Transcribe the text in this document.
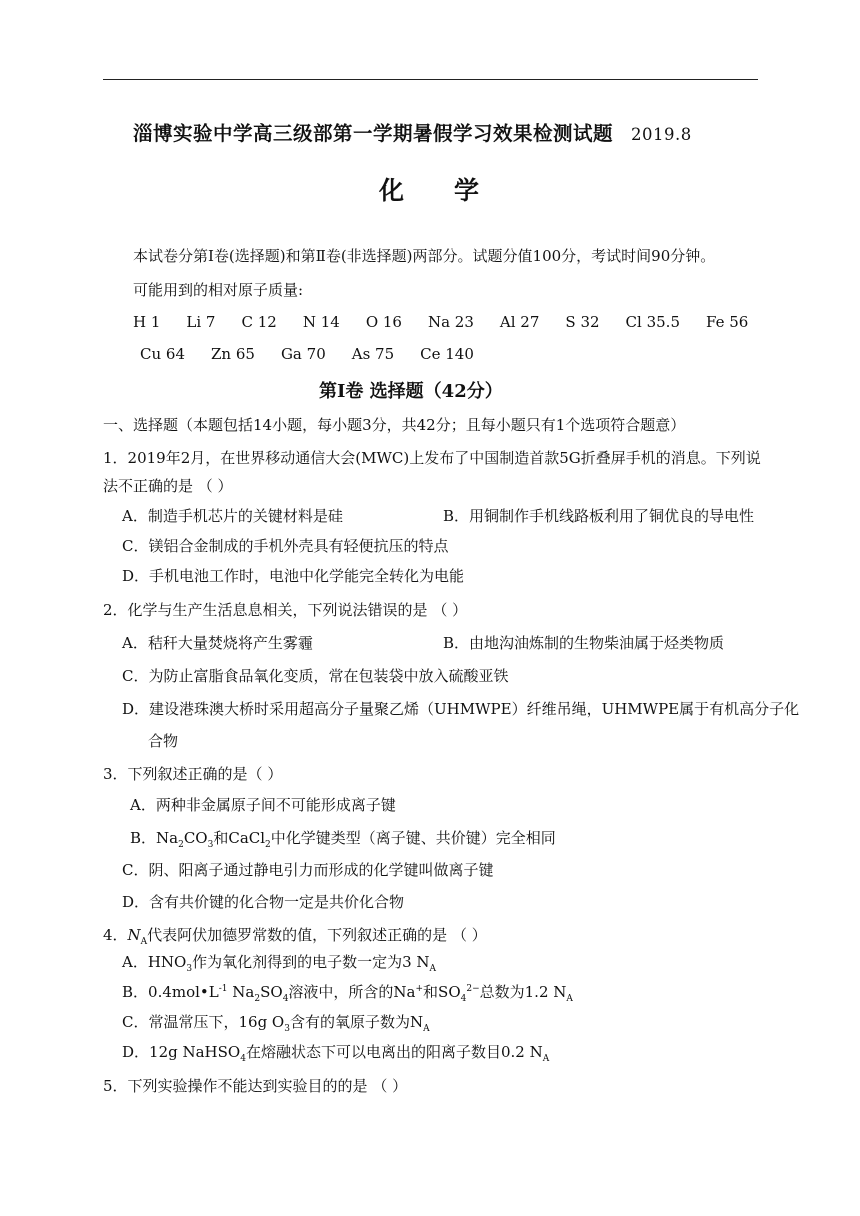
淄博实验中学高三级部第一学期暑假学习效果检测试题 2019.8
化学
本试卷分第Ⅰ卷(选择题)和第Ⅱ卷(非选择题)两部分。试题分值100分，考试时间90分钟。
可能用到的相对原子质量:
H 1 Li 7 C 12 N 14 O 16 Na 23 Al 27 S 32 Cl 35.5 Fe 56
Cu 64 Zn 65 Ga 70 As 75 Ce 140
第Ⅰ卷 选择题（42分）
一、选择题（本题包括14小题，每小题3分，共42分；且每小题只有1个选项符合题意）
1．2019年2月，在世界移动通信大会(MWC)上发布了中国制造首款5G折叠屏手机的消息。下列说
法不正确的是 （ ）
A．制造手机芯片的关键材料是硅	B．用铜制作手机线路板利用了铜优良的导电性
C．镁铝合金制成的手机外壳具有轻便抗压的特点
D．手机电池工作时，电池中化学能完全转化为电能
2．化学与生产生活息息相关，下列说法错误的是 （ ）
A．秸秆大量焚烧将产生雾霾	B．由地沟油炼制的生物柴油属于烃类物质
C．为防止富脂食品氧化变质，常在包装袋中放入硫酸亚铁
D．建设港珠澳大桥时采用超高分子量聚乙烯（UHMWPE）纤维吊绳，UHMWPE属于有机高分子化
合物
3．下列叙述正确的是（ ）
A．两种非金属原子间不可能形成离子键
B．$Na_2CO_3$和CaCl$_2$中化学键类型（离子键、共价键）完全相同
C．阴、阳离子通过静电引力而形成的化学键叫做离子键
D．含有共价键的化合物一定是共价化合物
4．$N_A$代表阿伏加德罗常数的值，下列叙述正确的是 （ ）
A．$HNO_3$作为氧化剂得到的电子数一定为3 $N_A$
B．$0.4mol•L^{-1}$ $Na_2SO_4$溶液中，所含的Na+和$SO_4^{2-}$总数为1.2 $N_A$
C．常温常压下，16g $O_3$含有的氧原子数为$N_A$
D．12g NaHSO$_4$在熔融状态下可以电离出的阳离子数目0.2 $N_A$
5．下列实验操作不能达到实验目的的是 （ ）
